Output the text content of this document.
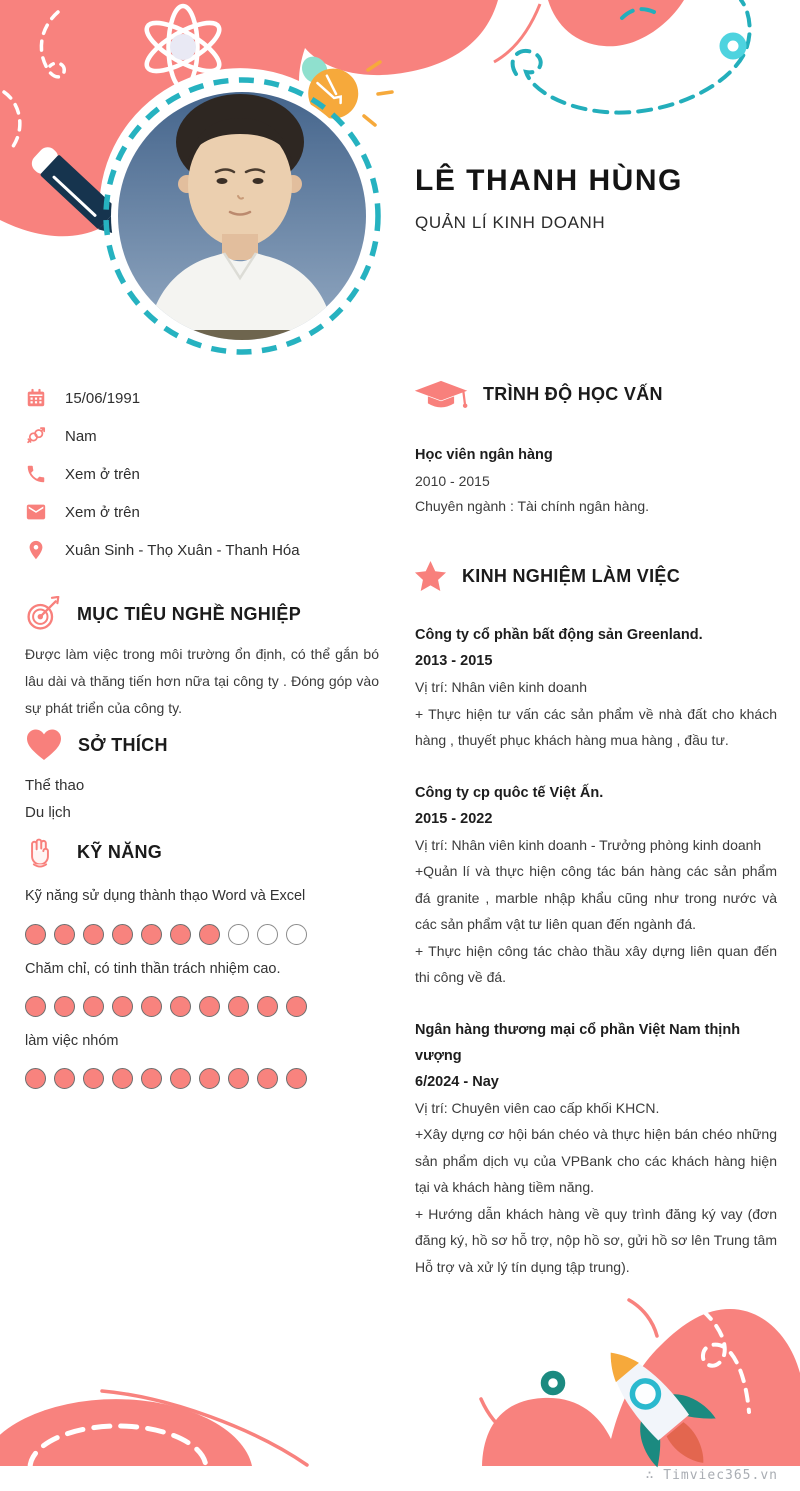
LÊ THANH HÙNG
QUẢN LÍ KINH DOANH
15/06/1991
Nam
Xem ở trên
Xem ở trên
Xuân Sinh - Thọ Xuân - Thanh Hóa
MỤC TIÊU NGHỀ NGHIỆP
Được làm việc trong môi trường ổn định, có thể gắn bó lâu dài và thăng tiến hơn nữa tại công ty . Đóng góp vào sự phát triển của công ty.
SỞ THÍCH
Thể thao
Du lịch
KỸ NĂNG
Kỹ năng sử dụng thành thạo Word và Excel
Chăm chỉ, có tinh thần trách nhiệm cao.
làm việc nhóm
TRÌNH ĐỘ HỌC VẤN
Học viên ngân hàng
2010 - 2015
Chuyên ngành : Tài chính ngân hàng.
KINH NGHIỆM LÀM VIỆC
Công ty cổ phần bất động sản Greenland.
2013 - 2015
Vị trí: Nhân viên kinh doanh

+ Thực hiện tư vấn các sản phẩm về nhà đất cho khách hàng , thuyết phục khách hàng mua hàng , đầu tư.

Công ty cp quôc tế Việt Ấn.
2015 - 2022
Vị trí: Nhân viên kinh doanh - Trưởng phòng kinh doanh

+Quản lí và thực hiện công tác bán hàng các sản phẩm đá granite , marble nhập khẩu cũng như trong nước và các sản phẩm vật tư liên quan đến ngành đá.

+ Thực hiện công tác chào thầu xây dựng liên quan đến thi công về đá.

Ngân hàng thương mại cổ phần Việt Nam thịnh vượng
6/2024 - Nay
Vị trí: Chuyên viên cao cấp khối KHCN.

+Xây dựng cơ hội bán chéo và thực hiện bán chéo những sản phẩm dịch vụ của VPBank cho các khách hàng hiện tại và khách hàng tiềm năng.

+ Hướng dẫn khách hàng về quy trình đăng ký vay (đơn đăng ký, hồ sơ hỗ trợ, nộp hồ sơ, gửi hồ sơ lên Trung tâm Hỗ trợ và xử lý tín dụng tập trung).

∴ Timviec365.vn
